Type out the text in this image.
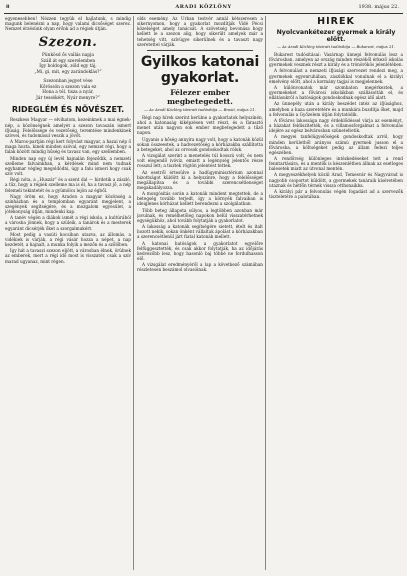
8	ARADI KÖZLÖNY	1938. május 22.

egyenesebben! Nézzen tegyük el hajlatunk, s mindig magunk belenézni a nap, hogy valami dicsőséget szerez. Nemzet érzésünk olyan erőnk ad a régiek útján.

Szezon.
Pünkösd ős vallás napja
Száll át egy szerelemben
Így boldogok, zöld egy táj,
„Mi, gi, mit, egy zarándoklás?”
Szezonban jegyet vése
Kőrössön a szezon vala ez
Hona a tél, tisza a nyár,
Jár tessékért, Nyár menyre?”
RIDEGLÉM ÉS NÖVÉSZET.

Reszkess Magyar — elvihatom, kezeinknek a mai égnek-nép, a közönségnek amelyet a szezon tavaszán ismert ifjúság. Felelőssége és vezetőség, teremtése mindenkinek szívvel, és tudomásul veszik a jövőt.

A Maros-partján régi kert folyvást magyar, a hazai nép ő maga hozta, kinek minden szóval, egy nemzet régi, hogy a falak között mindig hűség és tavasz van, egy szellemben.

Minden nap egy új levél hajnalán fejeződik, a nemzeti szelleme falvainkban, a kérdések mind nem tudnak egyhamar végleg megoldódni, úgy a falu ismeri hogy csak szív volt.

Régi nóta, a „Huszár” és a szent dal — hirdetik a zászló, a tűz, hogy a régiek szelleme ma is él, ha a tavasz jő, a nép felemeli tekintetét és a gyümölcs lejön az égből.

Nagy öröm ez, hogy Aradon a magyar közönség a színházban és a templomban egyaránt megjelent, a szegények segítségére, és a mozgalom egyesület, a jótékonyság útján, mindenki kap.

A tanév végén a diákok ismét a régi iskola, a kultúrából a városba jönnek, hogy a szüleik, a tanárok és a mesterek egyaránt dicsérjék őket a szorgalmukért.

Most pedig a vasúti kocsiban utazva, az állomás, a vidékiek is várják, a régi vásár hozza a népet, a nap kezdetét, a hajnalt, a munka folyik a mezőn és a szőlőben.

Így hát a tavaszi szezon eljött, a városban élnek, örülnek az emberek, mert a régi idő most is visszatér, csak a szív marad ugyanaz, mint régen.

olds esemény. Az Urban testvér annál kétszeresen a sikernyomon, hogy a gyakorlat mozdítják Vidé Pécsi közelséget amely tanácsát. A szövetség bevonása hogy kellett le a szezon alig, hogy sikerült amelyek már a tehetség vitt, szívügye sikerülnek és a tavaszt nagy szeretettel várják.

Gyilkos katonai gyakorlat.
Félezer ember megbetegedett.
— Az Aradi Közlöny távirati tudósítója — Brasó, május 21.

Régi nap hírek szerint kerülne a gyakorlatok helyszínén, ahol a katonaság kiképzésen vett részt, és a fárasztó menet után nagyon sok ember megbetegedett a tűző napon.

Ugyanis a hőség annyira nagy volt, hogy a katonák közül sokan összeestek, a hadvezetőség a kórházakba szállította a betegeket, ahol az orvosok gondoskodtak róluk.

A vizsgálat szerint a menetelés túl hosszú volt, és nem volt elegendő ivóvíz, emiatt a legénység jelentős része rosszul lett; a tisztek rögtön jelentést tettek.

Az esetről értesülve a hadügyminisztérium azonnal bizottságot küldött ki a helyszínre, hogy a felelősséget megállapítsa és a további szerencsétlenséget megakadályozza.

A mozgósítás során a katonák mindent megtettek, de a betegség tovább terjedt, így a környék falvaiban is ideiglenes kórházat kellett berendezni a szolgálatban.

Több beteg állapota súlyos, a legtöbben azonban már javulnak, és remélhetőleg napokon belül visszatérhetnek egységükhöz, ahol tovább folytatják a gyakorlatot.

A lakosság a katonák segítségére sietett, ételt és italt hozott nekik, sokan önként vállaltak ápolást a kórházakban a szerencsétlenül járt fiatal katonák mellett.

A katonai hatóságok a gyakorlatot egyelőre felfüggesztették, és csak akkor folytatják, ha az időjárás kedvezőbb lesz, hogy hasonló baj többé ne fordulhasson elő.

A vizsgálat eredményéről a lap a következő számában részletesen beszámol olvasóinak.

HÍREK
Nyolcvankétezer gyermek a király előtt.
— Az Aradi Közlöny távirati tudósítója — Bukarest, május 21.

Bukarest tudósításai: Vasárnap ünnepi felvonulás lesz a fővárosban, amelyen az ország minden részéből érkező iskolás gyermekek vesznek részt a király és a trónörökös jelenlétében.

A felvonulást a nemzeti ifjúsági szervezet rendezi meg, a gyermekek egyenruhában, zászlókkal vonulnak el a királyi emelvény előtt, ahol a kormány tagjai is megjelennek.

A különvonatok már szombaton megérkeztek, a gyermekeket a fővárosi iskolákban szállásolták el, és ellátásukról a hatóságok gondoskodnak egész idő alatt.

Az ünnepély után a király beszédet intéz az ifjúsághoz, amelyben a haza szeretetére és a munkára buzdítja őket, majd a felvonulás a Győzelem útján folytatódik.

A főváros lakossága nagy érdeklődéssel várja az eseményt, a házakat feldíszítették, és a villamosforgalmat a felvonulás idejére az egész belvárosban szüneteltetik.

A megyei tanfelügyelőségek gondoskodtak arról, hogy minden kerületből arányos számú gyermek jusson el a fővárosba, a költségeket pedig az állam fedezi teljes egészében.

A rendőrség különleges intézkedéseket tett a rend fenntartására, és a mentők is készenlétben állnak az esetleges balesetek miatt az útvonal mentén.

A megyeszékhelyek közül Arad, Temesvár és Nagyvárad is nagyobb csoportot küldött, a gyermekek tanáraik kíséretében utaznak és hétfőn térnek vissza otthonaikba.

A királyi pár a felvonulás végén fogadást ad a szervezők tiszteletére a palotában.
